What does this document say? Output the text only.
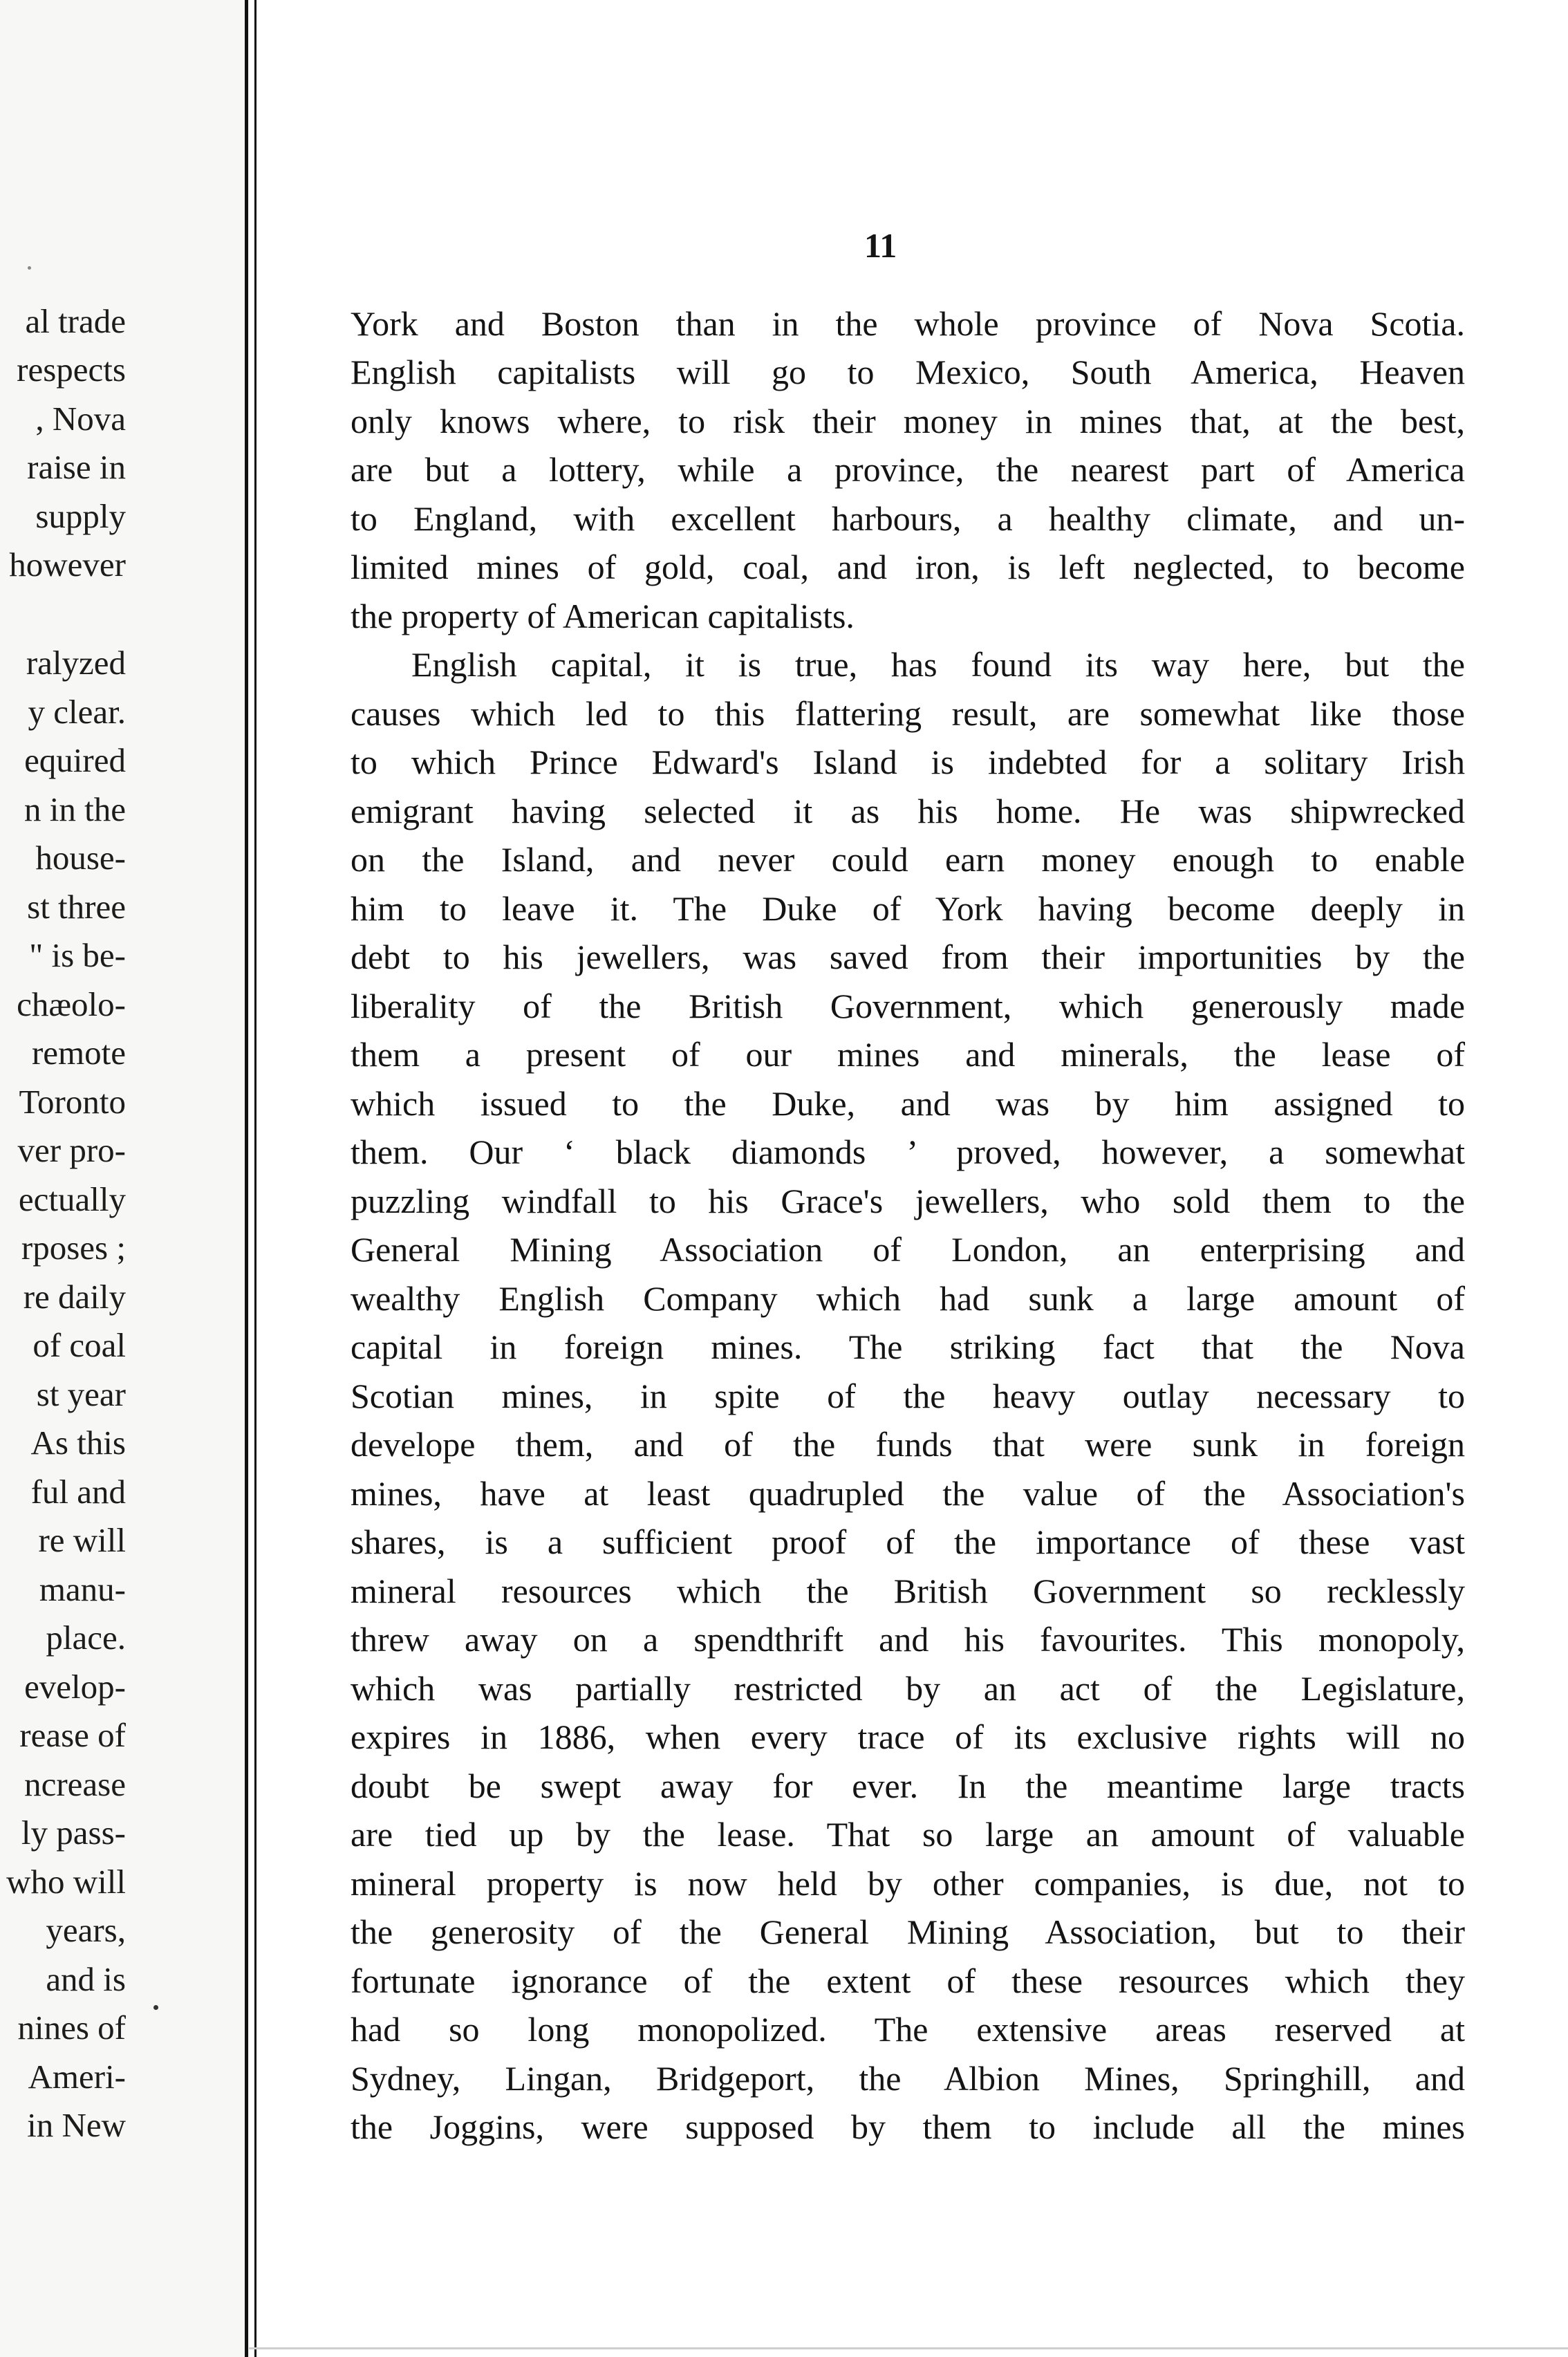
al trade
respects
, Nova
raise in
supply
however
ralyzed
y clear.
equired
n in the
house-
st three
" is be-
chæolo-
remote
Toronto
ver pro-
ectually
rposes ;
re daily
of coal
st year
As this
ful and
re will
manu-
place.
evelop-
rease of
ncrease
ly pass-
who will
years,
and is
nines of
Ameri-
in New
11
York and Boston than in the whole province of Nova Scotia.
English capitalists will go to Mexico, South America, Heaven
only knows where, to risk their money in mines that, at the best,
are but a lottery, while a province, the nearest part of America
to England, with excellent harbours, a healthy climate, and un-
limited mines of gold, coal, and iron, is left neglected, to become
the property of American capitalists.
English capital, it is true, has found its way here, but the
causes which led to this flattering result, are somewhat like those
to which Prince Edward's Island is indebted for a solitary Irish
emigrant having selected it as his home. He was shipwrecked
on the Island, and never could earn money enough to enable
him to leave it. The Duke of York having become deeply in
debt to his jewellers, was saved from their importunities by the
liberality of the British Government, which generously made
them a present of our mines and minerals, the lease of
which issued to the Duke, and was by him assigned to
them. Our ‘ black diamonds ’ proved, however, a somewhat
puzzling windfall to his Grace's jewellers, who sold them to the
General Mining Association of London, an enterprising and
wealthy English Company which had sunk a large amount of
capital in foreign mines. The striking fact that the Nova
Scotian mines, in spite of the heavy outlay necessary to
develope them, and of the funds that were sunk in foreign
mines, have at least quadrupled the value of the Association's
shares, is a sufficient proof of the importance of these vast
mineral resources which the British Government so recklessly
threw away on a spendthrift and his favourites. This monopoly,
which was partially restricted by an act of the Legislature,
expires in 1886, when every trace of its exclusive rights will no
doubt be swept away for ever. In the meantime large tracts
are tied up by the lease. That so large an amount of valuable
mineral property is now held by other companies, is due, not to
the generosity of the General Mining Association, but to their
fortunate ignorance of the extent of these resources which they
had so long monopolized. The extensive areas reserved at
Sydney, Lingan, Bridgeport, the Albion Mines, Springhill, and
the Joggins, were supposed by them to include all the mines
